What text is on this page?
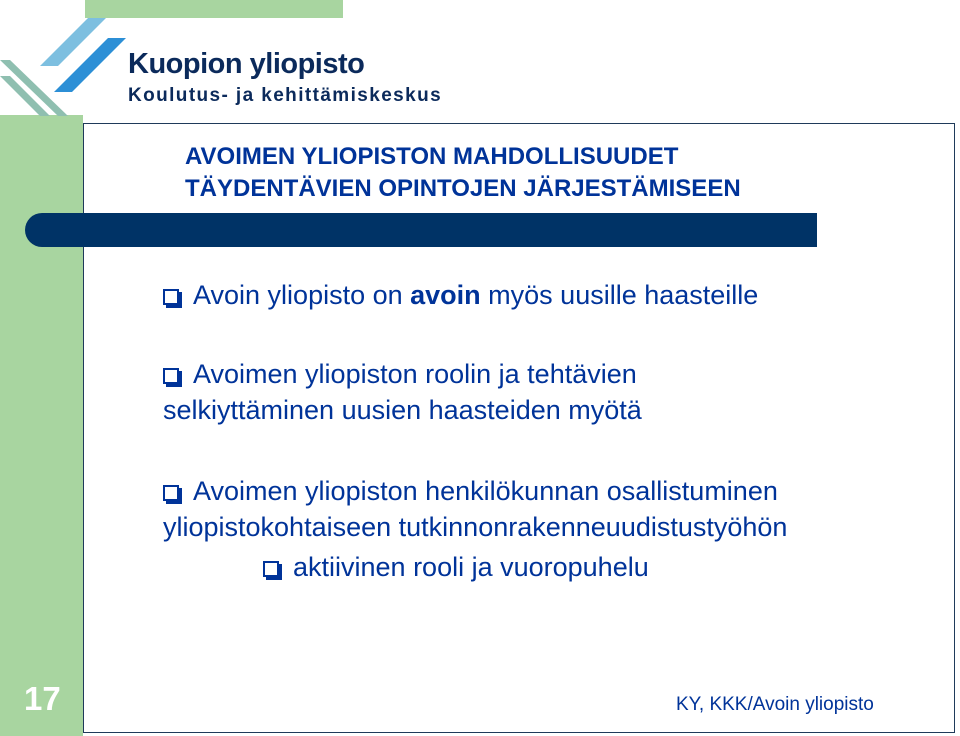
Kuopion yliopisto
Koulutus- ja kehittämiskeskus
AVOIMEN YLIOPISTON MAHDOLLISUUDET
TÄYDENTÄVIEN OPINTOJEN JÄRJESTÄMISEEN
Avoin yliopisto on avoin myös uusille haasteille
Avoimen yliopiston roolin ja tehtävien
selkiyttäminen uusien haasteiden myötä
Avoimen yliopiston henkilökunnan osallistuminen
yliopistokohtaiseen tutkinnonrakenneuudistustyöhön
aktiivinen rooli ja vuoropuhelu
17	KY, KKK/Avoin yliopisto
